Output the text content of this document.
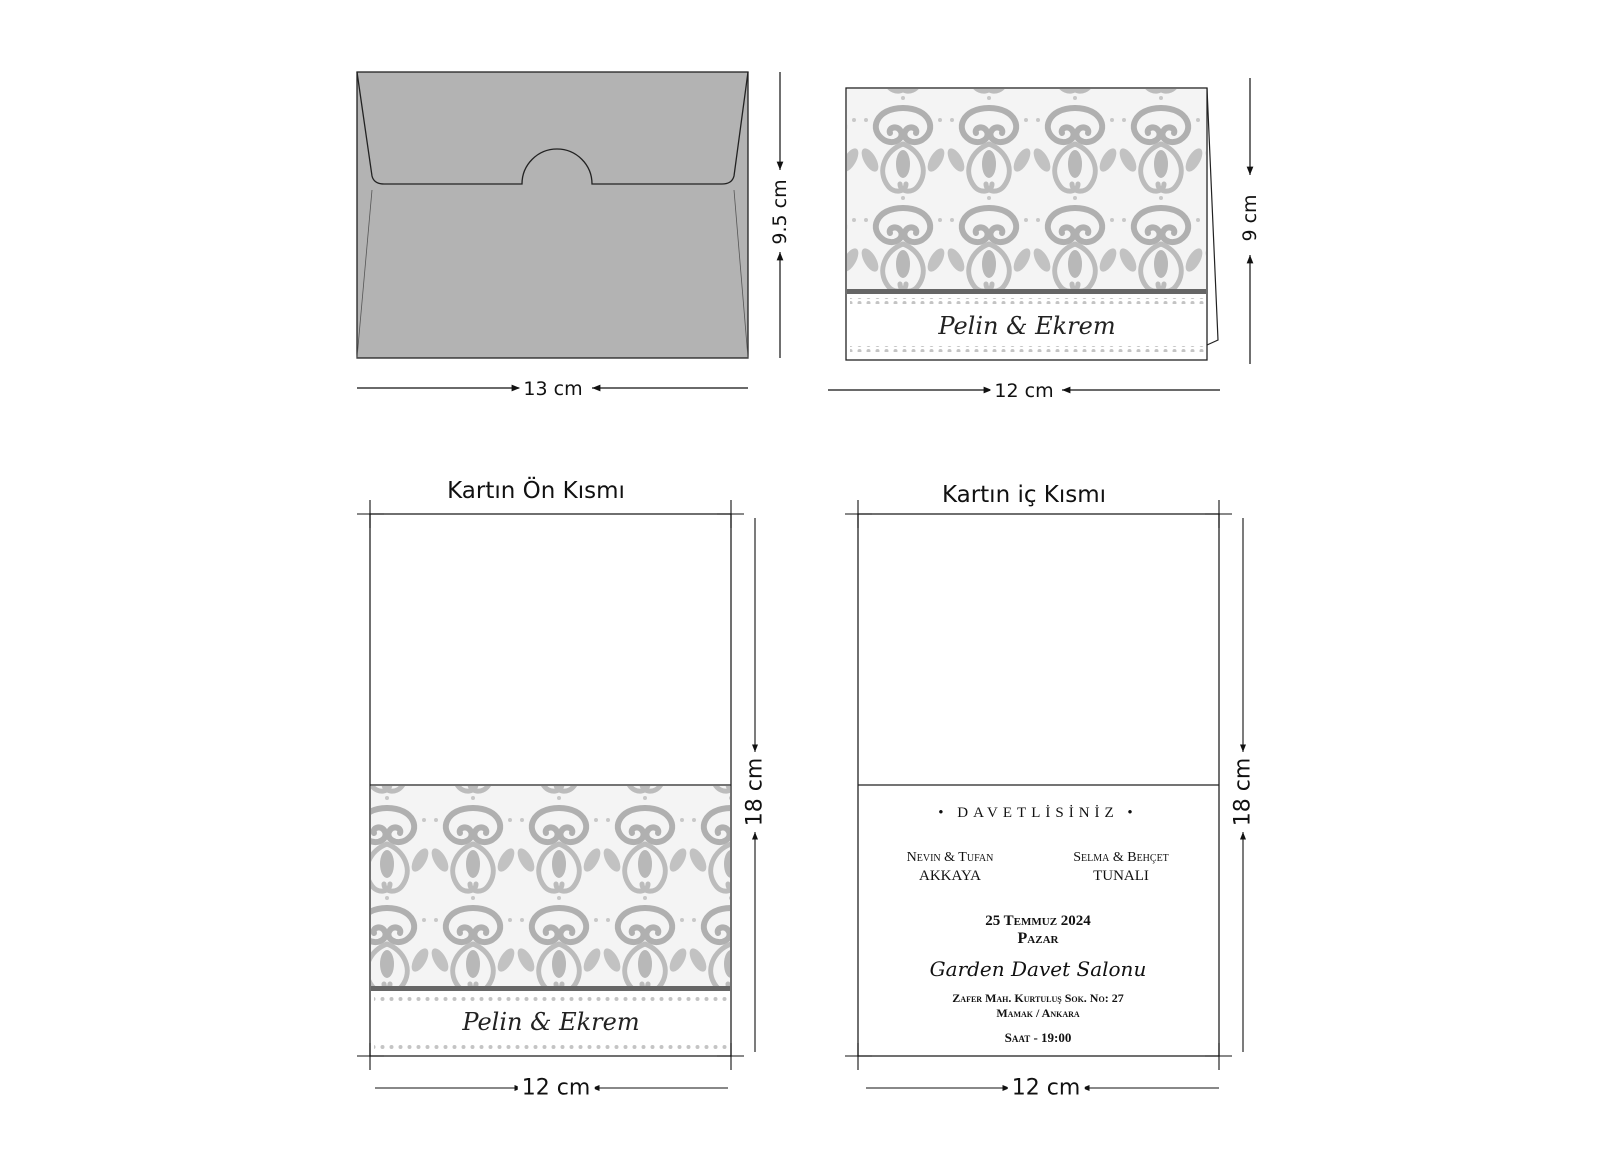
13 cm
9.5 cm
Pelin & Ekrem
12 cm
9 cm
Kartın Ön Kısmı
Pelin & Ekrem
12 cm
18 cm
Kartın iç Kısmı
12 cm
18 cm
• DAVETLİSİNİZ •
Nevin & Tufan
AKKAYA
Selma & Behçet
TUNALI
25 Temmuz 2024
Pazar
Garden Davet Salonu
Zafer Mah. Kurtuluş Sok. No: 27
Mamak / Ankara
Saat - 19:00
